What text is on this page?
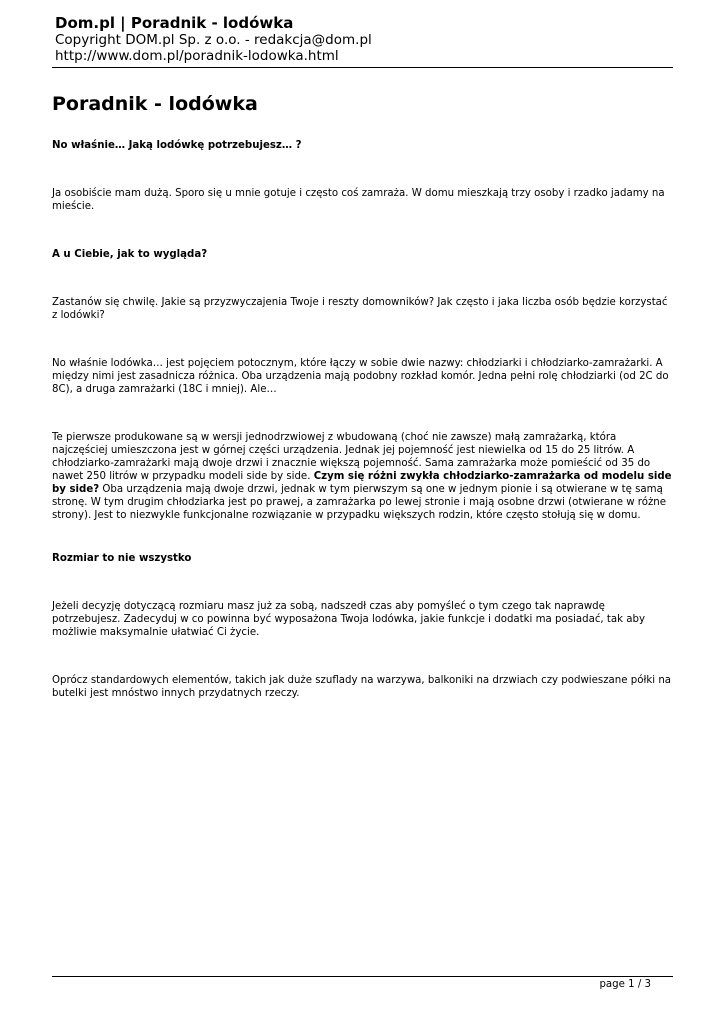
Dom.pl | Poradnik - lodówka
Copyright DOM.pl Sp. z o.o. - redakcja@dom.pl
http://www.dom.pl/poradnik-lodowka.html
Poradnik - lodówka

No właśnie… Jaką lodówkę potrzebujesz… ?

Ja osobiście mam dużą. Sporo się u mnie gotuje i często coś zamraża. W domu mieszkają trzy osoby i rzadko jadamy na mieście.

A u Ciebie, jak to wygląda?

Zastanów się chwilę. Jakie są przyzwyczajenia Twoje i reszty domowników? Jak często i jaka liczba osób będzie korzystać z lodówki?

No właśnie lodówka… jest pojęciem potocznym, które łączy w sobie dwie nazwy: chłodziarki i chłodziarko-zamrażarki. A między nimi jest zasadnicza różnica. Oba urządzenia mają podobny rozkład komór. Jedna pełni rolę chłodziarki (od 2C do 8C), a druga zamrażarki (18C i mniej). Ale…

Te pierwsze produkowane są w wersji jednodrzwiowej z wbudowaną (choć nie zawsze) małą zamrażarką, która najczęściej umieszczona jest w górnej części urządzenia. Jednak jej pojemność jest niewielka od 15 do 25 litrów. A chłodziarko-zamrażarki mają dwoje drzwi i znacznie większą pojemność. Sama zamrażarka może pomieścić od 35 do nawet 250 litrów w przypadku modeli side by side. Czym się różni zwykła chłodziarko-zamrażarka od modelu side by side? Oba urządzenia mają dwoje drzwi, jednak w tym pierwszym są one w jednym pionie i są otwierane w tę samą stronę. W tym drugim chłodziarka jest po prawej, a zamrażarka po lewej stronie i mają osobne drzwi (otwierane w różne strony). Jest to niezwykle funkcjonalne rozwiązanie w przypadku większych rodzin, które często stołują się w domu.

Rozmiar to nie wszystko

Jeżeli decyzję dotyczącą rozmiaru masz już za sobą, nadszedł czas aby pomyśleć o tym czego tak naprawdę potrzebujesz. Zadecyduj w co powinna być wyposażona Twoja lodówka, jakie funkcje i dodatki ma posiadać, tak aby możliwie maksymalnie ułatwiać Ci życie.

Oprócz standardowych elementów, takich jak duże szuflady na warzywa, balkoniki na drzwiach czy podwieszane półki na butelki jest mnóstwo innych przydatnych rzeczy.

page 1 / 3
